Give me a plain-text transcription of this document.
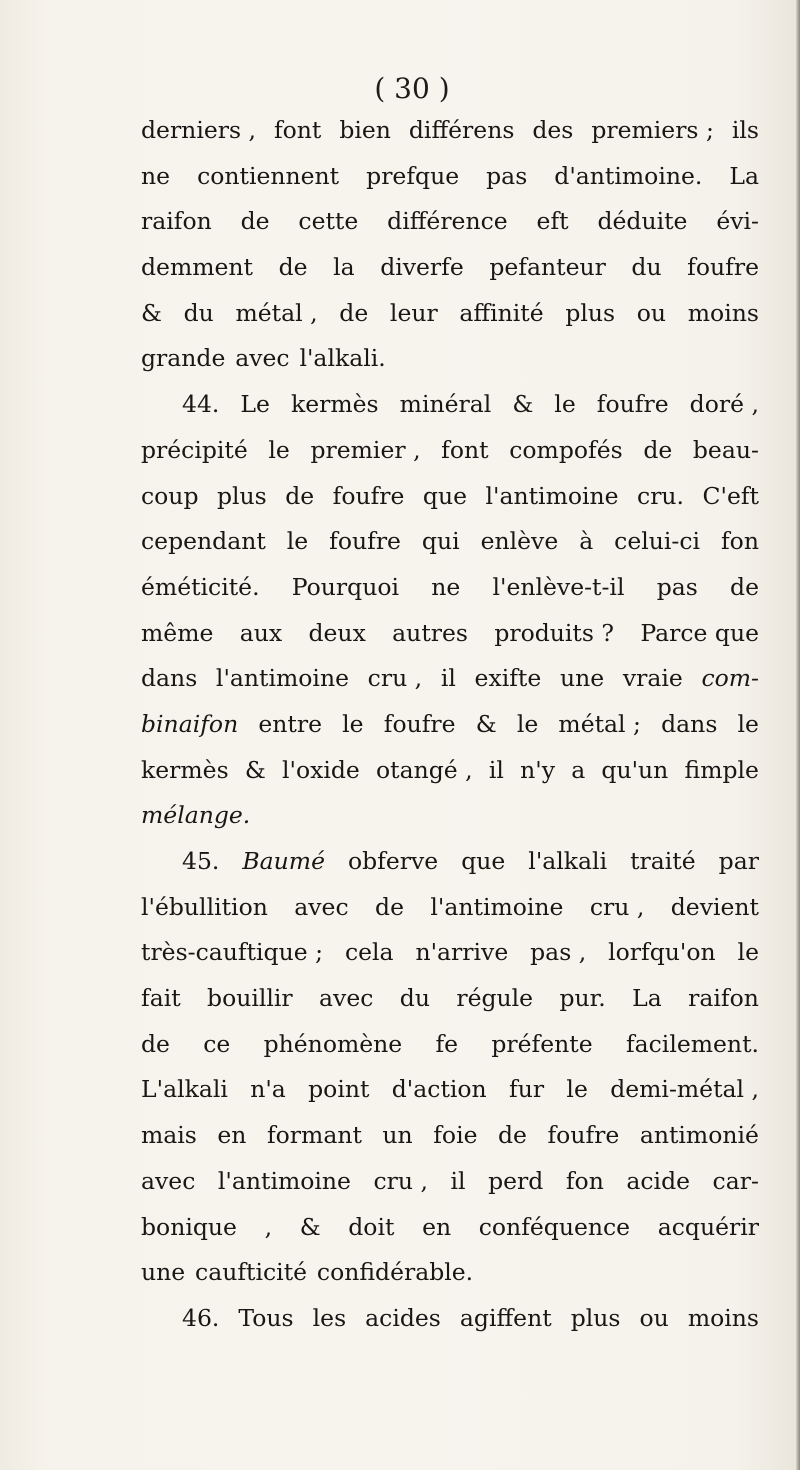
( 30 )
derniers , font bien différens des premiers ; ils
ne contiennent prefque pas d'antimoine. La
raifon de cette différence eft déduite évi-
demment de la diverfe pefanteur du foufre
& du métal , de leur affinité plus ou moins
grande avec l'alkali.
44. Le kermès minéral & le foufre doré ,
précipité le premier , font compofés de beau-
coup plus de foufre que l'antimoine cru. C'eft
cependant le foufre qui enlève à celui-ci fon
éméticité. Pourquoi ne l'enlève-t-il pas de
même aux deux autres produits ? Parce que
dans l'antimoine cru , il exifte une vraie com-
binaifon entre le foufre & le métal ; dans le
kermès & l'oxide otangé , il n'y a qu'un fimple
mélange.
45. Baumé obferve que l'alkali traité par
l'ébullition avec de l'antimoine cru , devient
très-cauftique ; cela n'arrive pas , lorfqu'on le
fait bouillir avec du régule pur. La raifon
de ce phénomène fe préfente facilement.
L'alkali n'a point d'action fur le demi-métal ,
mais en formant un foie de foufre antimonié
avec l'antimoine cru , il perd fon acide car-
bonique , & doit en conféquence acquérir
une caufticité confidérable.
46. Tous les acides agiffent plus ou moins
